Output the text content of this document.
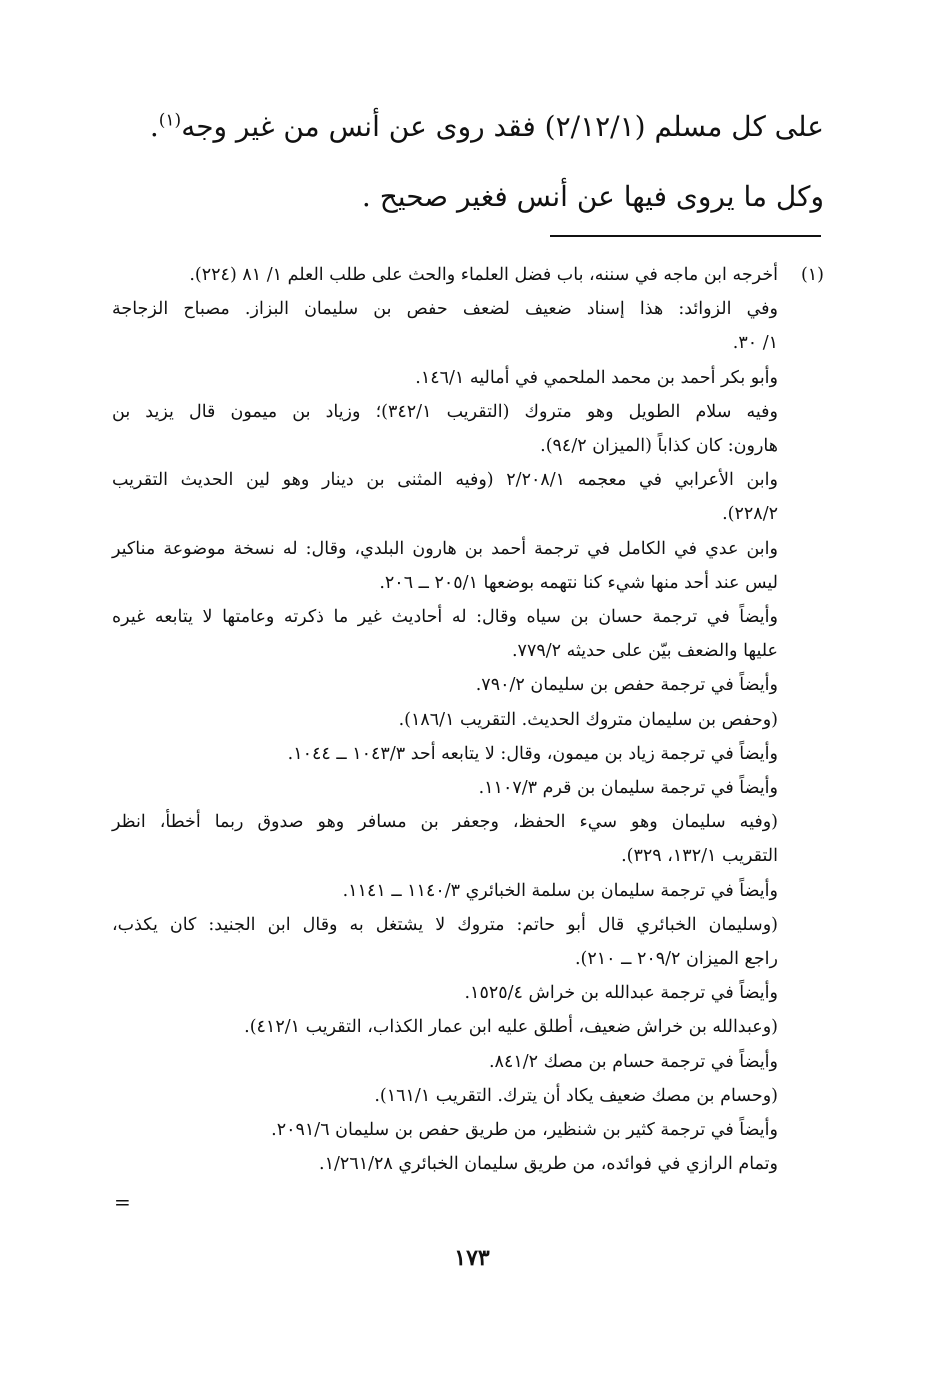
على كل مسلم (٢/١٢/١) فقد روى عن أنس من غير وجه$^{(١)}$.
وكل ما يروى فيها عن أنس فغير صحيح .
(١)
أخرجه ابن ماجه في سننه، باب فضل العلماء والحث على طلب العلم ١/ ٨١ (٢٢٤).
وفي الزوائد: هذا إسناد ضعيف لضعف حفص بن سليمان البزاز. مصباح الزجاجة
١/ ٣٠.
وأبو بكر أحمد بن محمد الملحمي في أماليه ١٤٦/١.
وفيه سلام الطويل وهو متروك (التقريب ٣٤٢/١)؛ وزياد بن ميمون قال يزيد بن
هارون: كان كذاباً (الميزان ٩٤/٢).
وابن الأعرابي في معجمه ٢/٢٠٨/١ (وفيه المثنى بن دينار وهو لين الحديث التقريب
٢٢٨/٢).
وابن عدي في الكامل في ترجمة أحمد بن هارون البلدي، وقال: له نسخة موضوعة مناكير
ليس عند أحد منها شيء كنا نتهمه بوضعها ٢٠٥/١ ــ ٢٠٦.
وأيضاً في ترجمة حسان بن سياه وقال: له أحاديث غير ما ذكرته وعامتها لا يتابعه غيره
عليها والضعف بيّن على حديثه ٧٧٩/٢.
وأيضاً في ترجمة حفص بن سليمان ٧٩٠/٢.
(وحفص بن سليمان متروك الحديث. التقريب ١٨٦/١).
وأيضاً في ترجمة زياد بن ميمون، وقال: لا يتابعه أحد ١٠٤٣/٣ ــ ١٠٤٤.
وأيضاً في ترجمة سليمان بن قرم ١١٠٧/٣.
(وفيه سليمان وهو سيء الحفظ، وجعفر بن مسافر وهو صدوق ربما أخطأ، انظر
التقريب ١٣٢/١، ٣٢٩).
وأيضاً في ترجمة سليمان بن سلمة الخبائري ١١٤٠/٣ ــ ١١٤١.
(وسليمان الخبائري قال أبو حاتم: متروك لا يشتغل به وقال ابن الجنيد: كان يكذب،
راجع الميزان ٢٠٩/٢ ــ ٢١٠).
وأيضاً في ترجمة عبدالله بن خراش ١٥٢٥/٤.
(وعبدالله بن خراش ضعيف، أطلق عليه ابن عمار الكذاب، التقريب ٤١٢/١).
وأيضاً في ترجمة حسام بن مصك ٨٤١/٢.
(وحسام بن مصك ضعيف يكاد أن يترك. التقريب ١٦١/١).
وأيضاً في ترجمة كثير بن شنظير، من طريق حفص بن سليمان ٢٠٩١/٦.
وتمام الرازي في فوائده، من طريق سليمان الخبائري ١/٢٦١/٢٨.
=
١٧٣
